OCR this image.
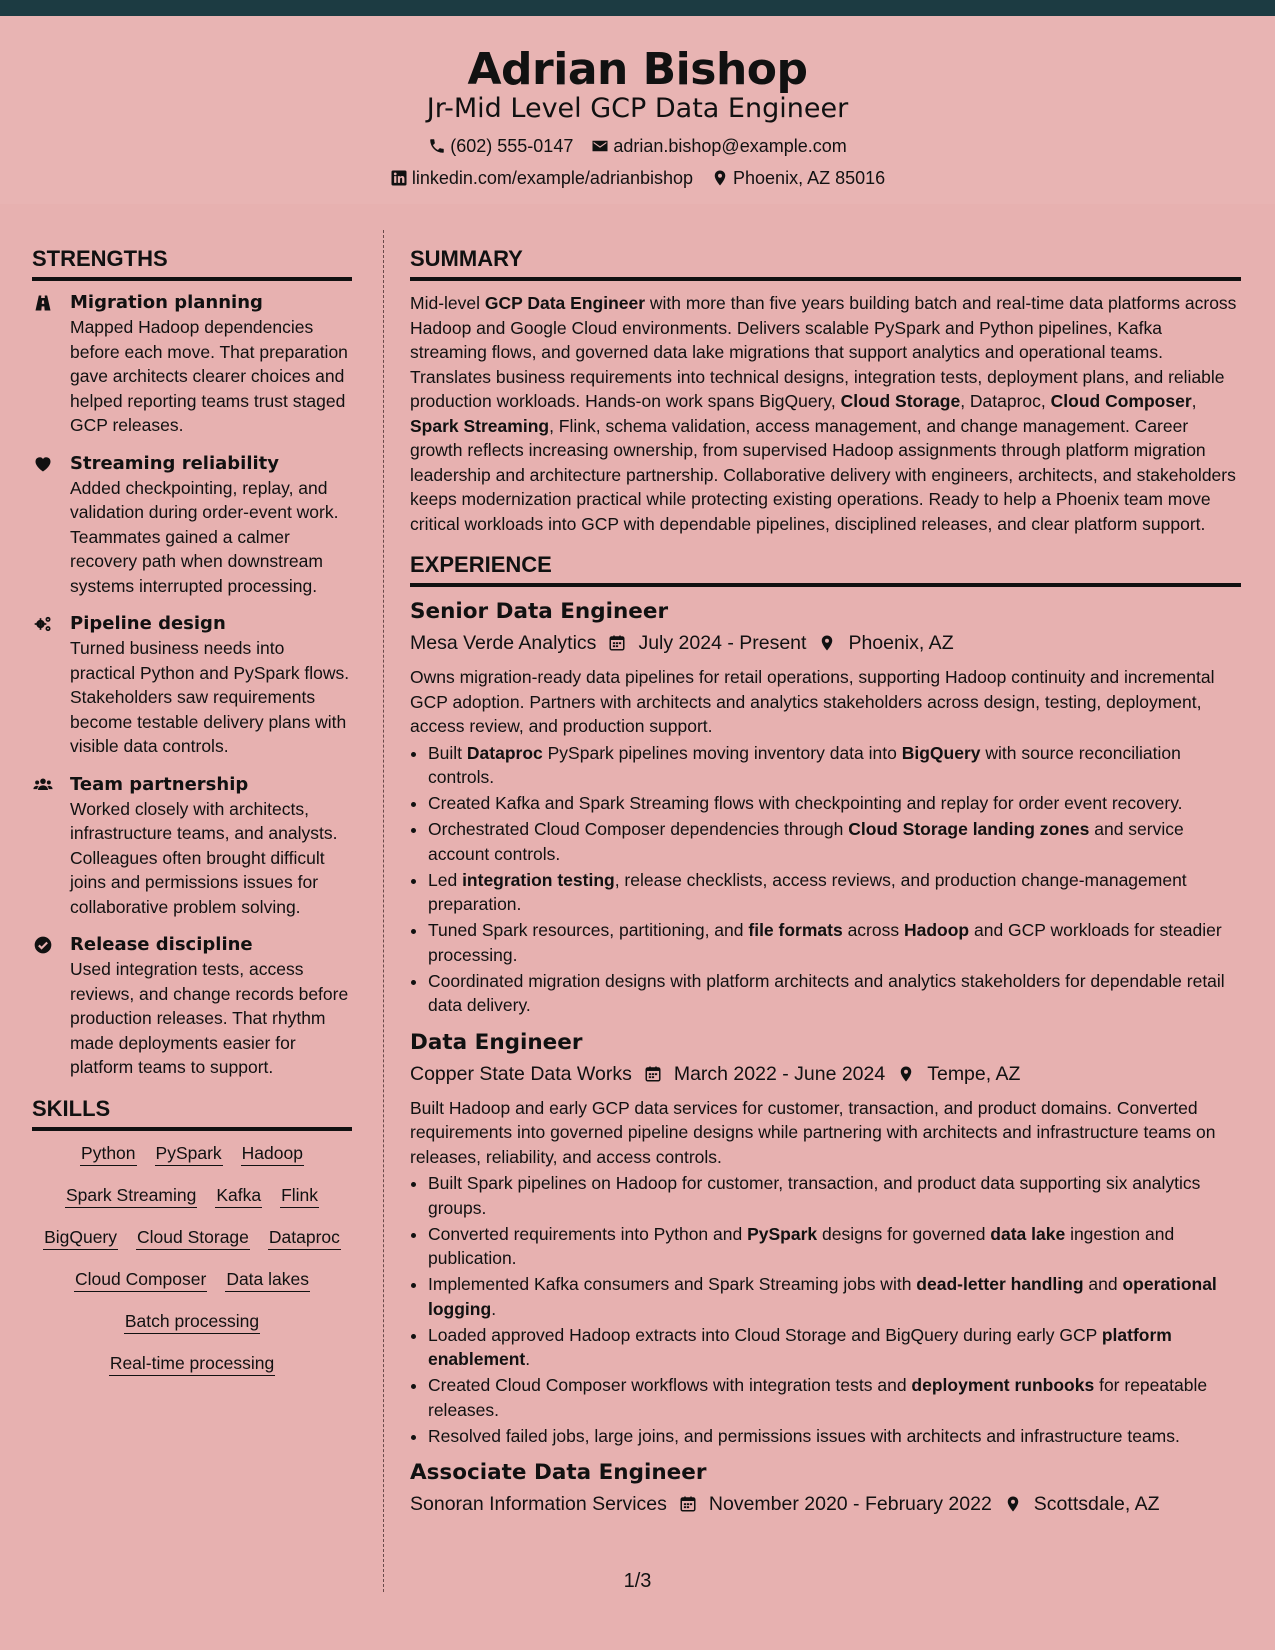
Adrian Bishop
Jr-Mid Level GCP Data Engineer
(602) 555-0147 adrian.bishop@example.com
linkedin.com/example/adrianbishop Phoenix, AZ 85016
STRENGTHS
Migration planning
Mapped Hadoop dependencies before each move. That preparation gave architects clearer choices and helped reporting teams trust staged GCP releases.
Streaming reliability
Added checkpointing, replay, and validation during order-event work. Teammates gained a calmer recovery path when downstream systems interrupted processing.
Pipeline design
Turned business needs into practical Python and PySpark flows. Stakeholders saw requirements become testable delivery plans with visible data controls.
Team partnership
Worked closely with architects, infrastructure teams, and analysts. Colleagues often brought difficult joins and permissions issues for collaborative problem solving.
Release discipline
Used integration tests, access reviews, and change records before production releases. That rhythm made deployments easier for platform teams to support.
SKILLS
Python PySpark Hadoop
Spark Streaming Kafka Flink
BigQuery Cloud Storage Dataproc
Cloud Composer Data lakes
Batch processing
Real-time processing
SUMMARY
Mid-level GCP Data Engineer with more than five years building batch and real-time data platforms across Hadoop and Google Cloud environments. Delivers scalable PySpark and Python pipelines, Kafka streaming flows, and governed data lake migrations that support analytics and operational teams. Translates business requirements into technical designs, integration tests, deployment plans, and reliable production workloads. Hands-on work spans BigQuery, Cloud Storage, Dataproc, Cloud Composer, Spark Streaming, Flink, schema validation, access management, and change management. Career growth reflects increasing ownership, from supervised Hadoop assignments through platform migration leadership and architecture partnership. Collaborative delivery with engineers, architects, and stakeholders keeps modernization practical while protecting existing operations. Ready to help a Phoenix team move critical workloads into GCP with dependable pipelines, disciplined releases, and clear platform support.
EXPERIENCE
Senior Data Engineer
Mesa Verde Analytics July 2024 - Present Phoenix, AZ
Owns migration-ready data pipelines for retail operations, supporting Hadoop continuity and incremental GCP adoption. Partners with architects and analytics stakeholders across design, testing, deployment, access review, and production support.
• Built Dataproc PySpark pipelines moving inventory data into BigQuery with source reconciliation controls.
• Created Kafka and Spark Streaming flows with checkpointing and replay for order event recovery.
• Orchestrated Cloud Composer dependencies through Cloud Storage landing zones and service account controls.
• Led integration testing, release checklists, access reviews, and production change-management preparation.
• Tuned Spark resources, partitioning, and file formats across Hadoop and GCP workloads for steadier processing.
• Coordinated migration designs with platform architects and analytics stakeholders for dependable retail data delivery.
Data Engineer
Copper State Data Works March 2022 - June 2024 Tempe, AZ
Built Hadoop and early GCP data services for customer, transaction, and product domains. Converted requirements into governed pipeline designs while partnering with architects and infrastructure teams on releases, reliability, and access controls.
• Built Spark pipelines on Hadoop for customer, transaction, and product data supporting six analytics groups.
• Converted requirements into Python and PySpark designs for governed data lake ingestion and publication.
• Implemented Kafka consumers and Spark Streaming jobs with dead-letter handling and operational logging.
• Loaded approved Hadoop extracts into Cloud Storage and BigQuery during early GCP platform enablement.
• Created Cloud Composer workflows with integration tests and deployment runbooks for repeatable releases.
• Resolved failed jobs, large joins, and permissions issues with architects and infrastructure teams.
Associate Data Engineer
Sonoran Information Services November 2020 - February 2022 Scottsdale, AZ
1/3
